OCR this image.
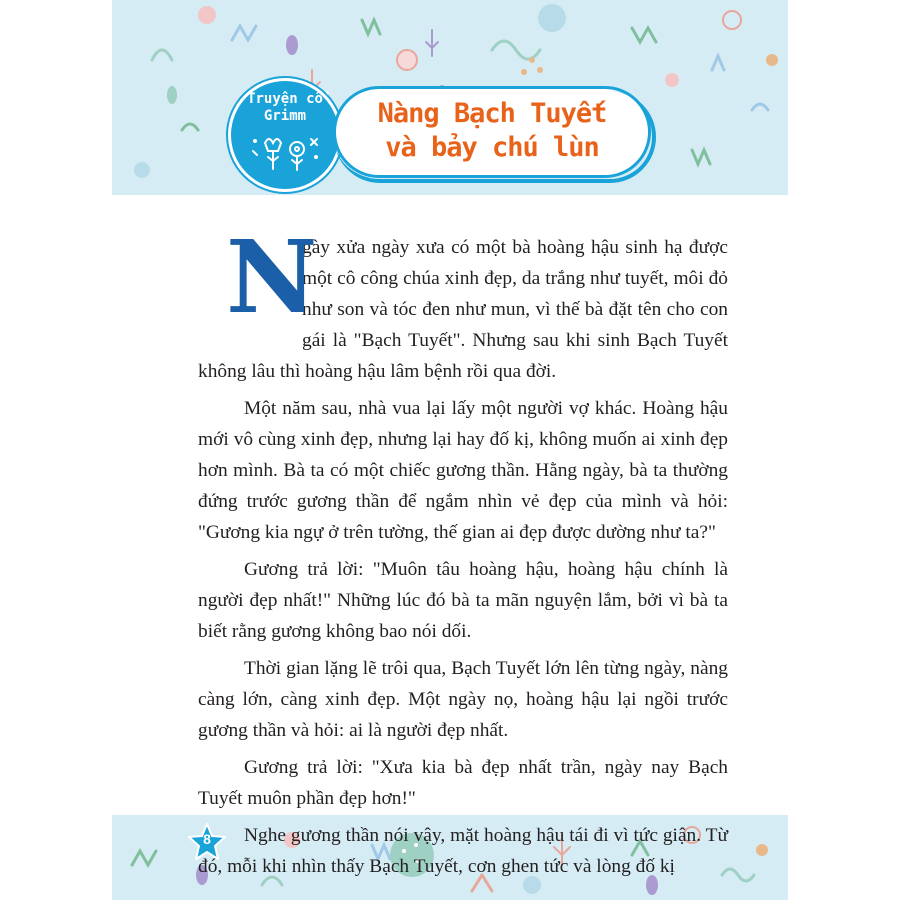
Truyện cổ Grimm	Nàng Bạch Tuyết
và bảy chú lùn

N
gày xửa ngày xưa có một bà hoàng hậu sinh hạ được một cô công chúa xinh đẹp, da trắng như tuyết, môi đỏ như son và tóc đen như mun, vì thế bà đặt tên cho con gái là "Bạch Tuyết". Nhưng sau khi sinh Bạch Tuyết không lâu thì hoàng hậu lâm bệnh rồi qua đời.

Một năm sau, nhà vua lại lấy một người vợ khác. Hoàng hậu mới vô cùng xinh đẹp, nhưng lại hay đố kị, không muốn ai xinh đẹp hơn mình. Bà ta có một chiếc gương thần. Hằng ngày, bà ta thường đứng trước gương thần để ngắm nhìn vẻ đẹp của mình và hỏi: "Gương kia ngự ở trên tường, thế gian ai đẹp được dường như ta?"

Gương trả lời: "Muôn tâu hoàng hậu, hoàng hậu chính là người đẹp nhất!" Những lúc đó bà ta mãn nguyện lắm, bởi vì bà ta biết rằng gương không bao nói dối.

Thời gian lặng lẽ trôi qua, Bạch Tuyết lớn lên từng ngày, nàng càng lớn, càng xinh đẹp. Một ngày nọ, hoàng hậu lại ngồi trước gương thần và hỏi: ai là người đẹp nhất.

Gương trả lời: "Xưa kia bà đẹp nhất trần, ngày nay Bạch Tuyết muôn phần đẹp hơn!"

Nghe gương thần nói vậy, mặt hoàng hậu tái đi vì tức giận. Từ đó, mỗi khi nhìn thấy Bạch Tuyết, cơn ghen tức và lòng đố kị

8
